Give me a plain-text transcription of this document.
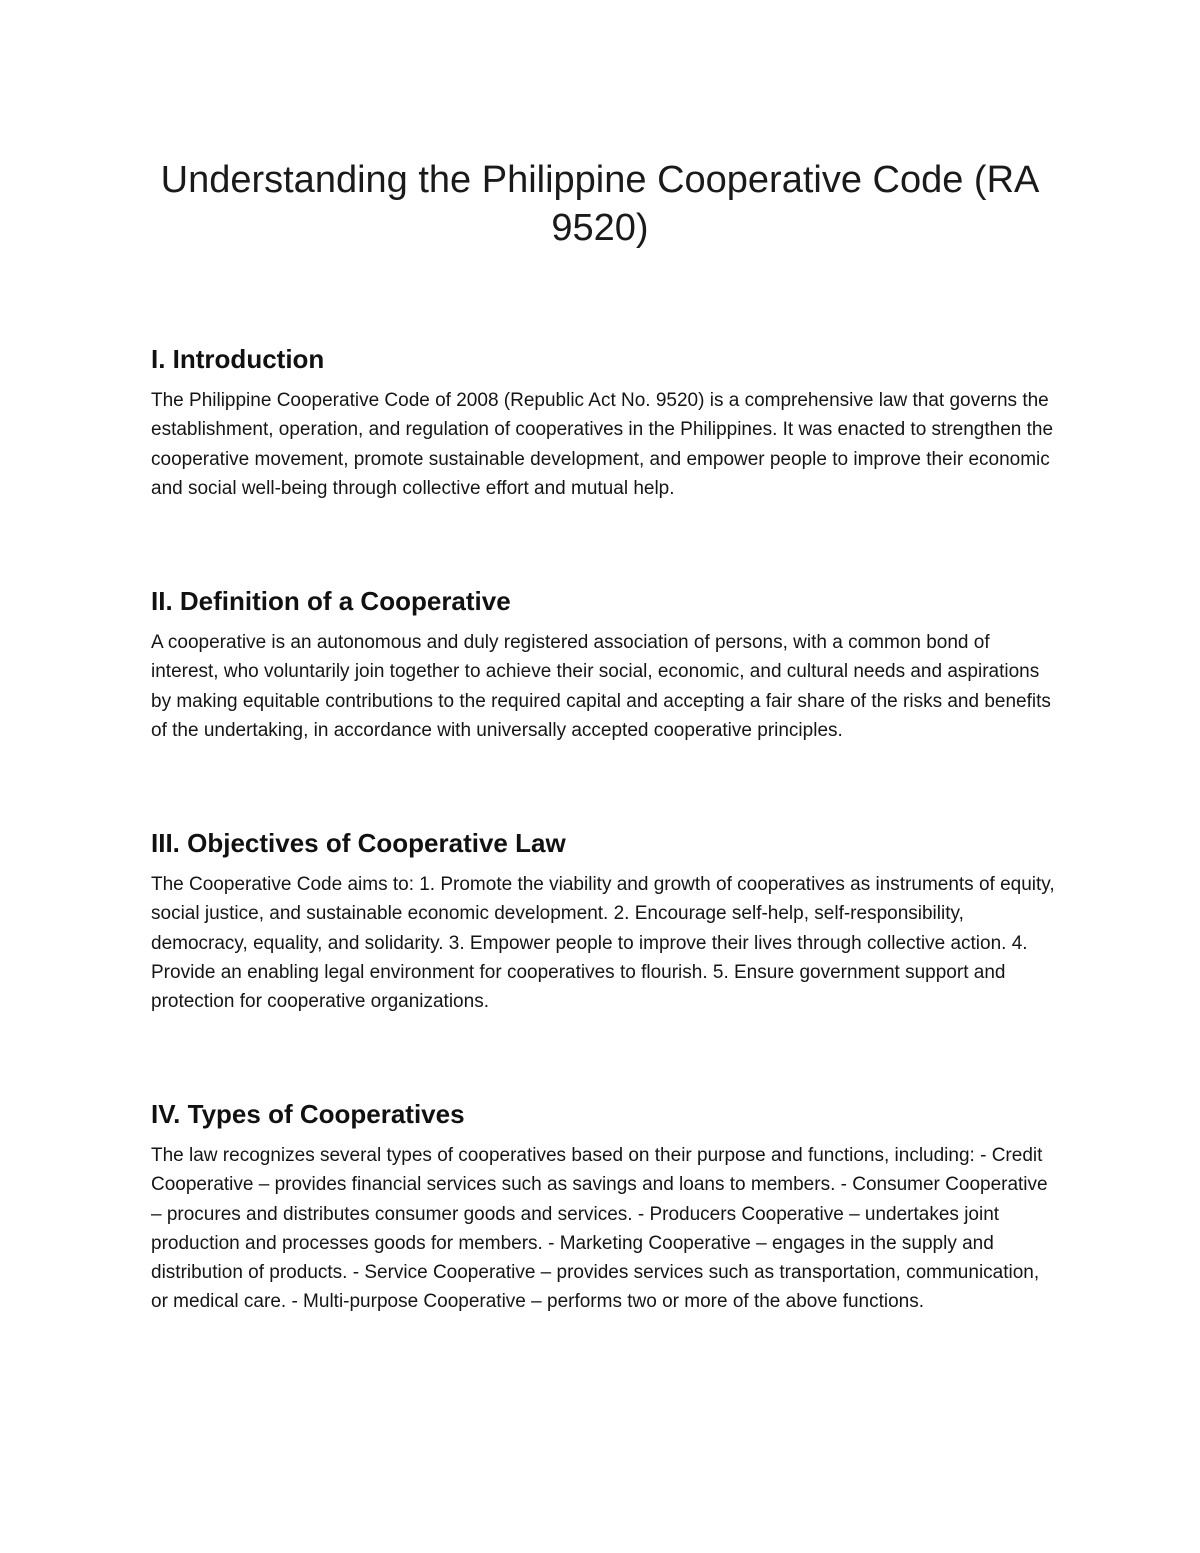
Understanding the Philippine Cooperative Code (RA 9520)
I. Introduction

The Philippine Cooperative Code of 2008 (Republic Act No. 9520) is a comprehensive law that governs the establishment, operation, and regulation of cooperatives in the Philippines. It was enacted to strengthen the cooperative movement, promote sustainable development, and empower people to improve their economic and social well-being through collective effort and mutual help.

II. Definition of a Cooperative

A cooperative is an autonomous and duly registered association of persons, with a common bond of interest, who voluntarily join together to achieve their social, economic, and cultural needs and aspirations by making equitable contributions to the required capital and accepting a fair share of the risks and benefits of the undertaking, in accordance with universally accepted cooperative principles.

III. Objectives of Cooperative Law

The Cooperative Code aims to: 1. Promote the viability and growth of cooperatives as instruments of equity, social justice, and sustainable economic development. 2. Encourage self-help, self-responsibility, democracy, equality, and solidarity. 3. Empower people to improve their lives through collective action. 4. Provide an enabling legal environment for cooperatives to flourish. 5. Ensure government support and protection for cooperative organizations.

IV. Types of Cooperatives

The law recognizes several types of cooperatives based on their purpose and functions, including: - Credit Cooperative – provides financial services such as savings and loans to members. - Consumer Cooperative – procures and distributes consumer goods and services. - Producers Cooperative – undertakes joint production and processes goods for members. - Marketing Cooperative – engages in the supply and distribution of products. - Service Cooperative – provides services such as transportation, communication, or medical care. - Multi-purpose Cooperative – performs two or more of the above functions.
